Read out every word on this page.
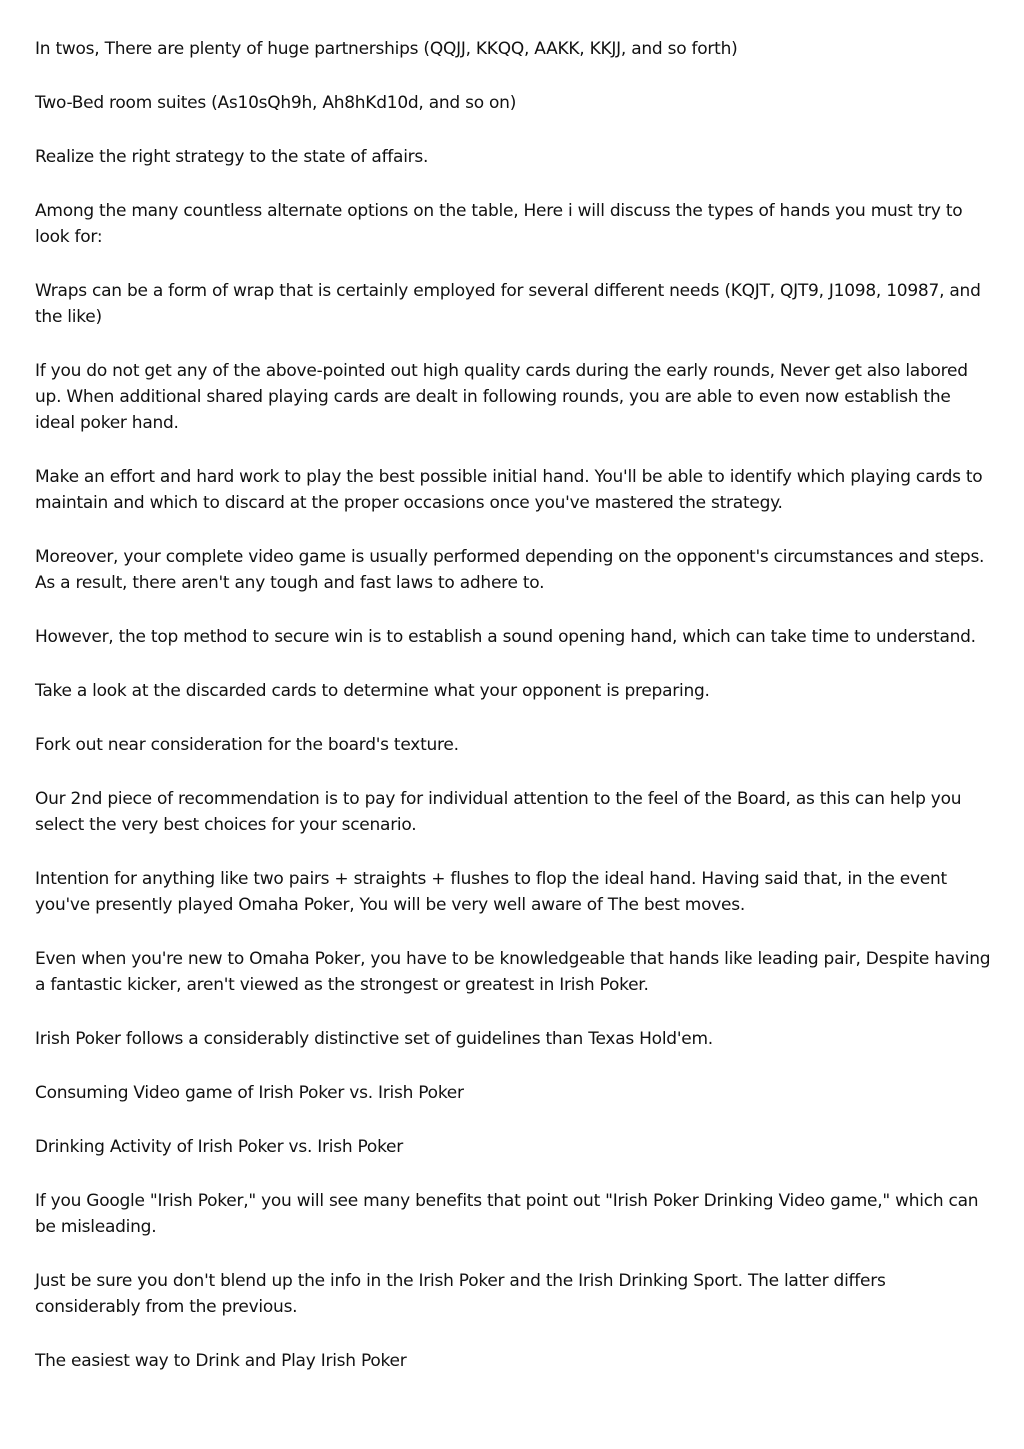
In twos, There are plenty of huge partnerships (QQJJ, KKQQ, AAKK, KKJJ, and so forth)

Two-Bed room suites (As10sQh9h, Ah8hKd10d, and so on)

Realize the right strategy to the state of affairs.

Among the many countless alternate options on the table, Here i will discuss the types of hands you must try to look for:

Wraps can be a form of wrap that is certainly employed for several different needs (KQJT, QJT9, J1098, 10987, and the like)

If you do not get any of the above-pointed out high quality cards during the early rounds, Never get also labored up. When additional shared playing cards are dealt in following rounds, you are able to even now establish the ideal poker hand.

Make an effort and hard work to play the best possible initial hand. You'll be able to identify which playing cards to maintain and which to discard at the proper occasions once you've mastered the strategy.

Moreover, your complete video game is usually performed depending on the opponent's circumstances and steps. As a result, there aren't any tough and fast laws to adhere to.

However, the top method to secure win is to establish a sound opening hand, which can take time to understand.

Take a look at the discarded cards to determine what your opponent is preparing.

Fork out near consideration for the board's texture.

Our 2nd piece of recommendation is to pay for individual attention to the feel of the Board, as this can help you select the very best choices for your scenario.

Intention for anything like two pairs + straights + flushes to flop the ideal hand. Having said that, in the event you've presently played Omaha Poker, You will be very well aware of The best moves.

Even when you're new to Omaha Poker, you have to be knowledgeable that hands like leading pair, Despite having a fantastic kicker, aren't viewed as the strongest or greatest in Irish Poker.

Irish Poker follows a considerably distinctive set of guidelines than Texas Hold'em.

Consuming Video game of Irish Poker vs. Irish Poker

Drinking Activity of Irish Poker vs. Irish Poker

If you Google "Irish Poker," you will see many benefits that point out "Irish Poker Drinking Video game," which can be misleading.

Just be sure you don't blend up the info in the Irish Poker and the Irish Drinking Sport. The latter differs considerably from the previous.

The easiest way to Drink and Play Irish Poker
